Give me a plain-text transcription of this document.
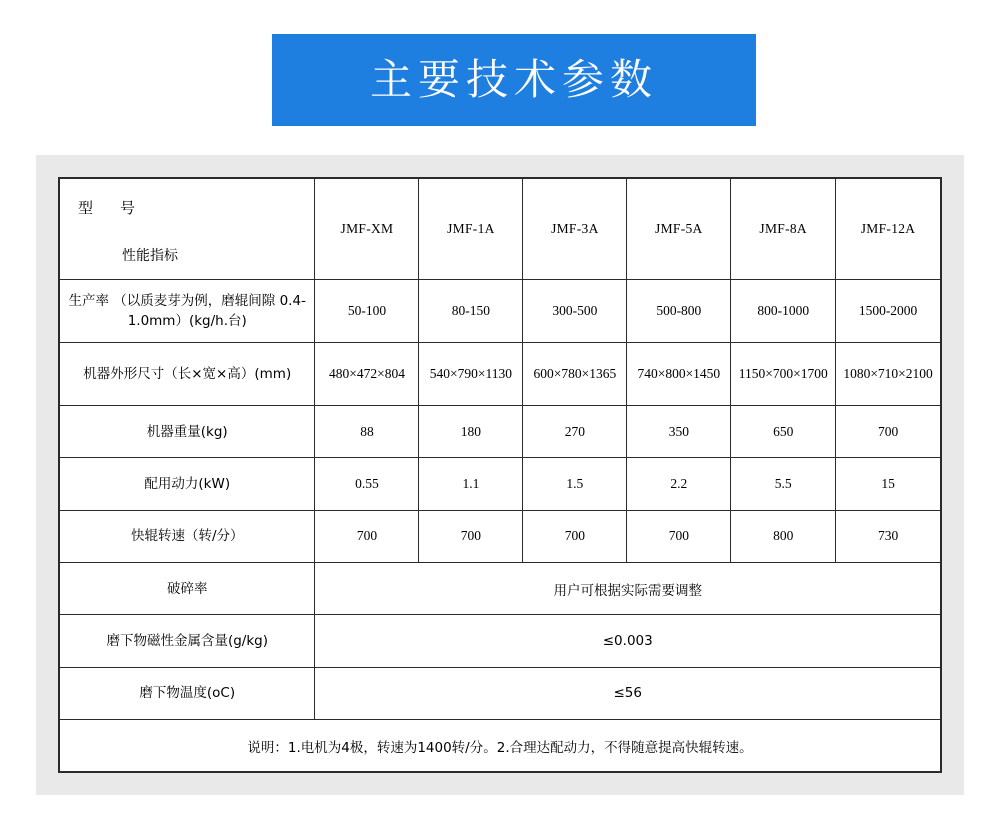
主要技术参数
型　号
性能指标	JMF-XM	JMF-1A	JMF-3A	JMF-5A	JMF-8A	JMF-12A
生产率 （以质麦芽为例，磨辊间隙 0.4-1.0mm）(kg/h.台)	50-100	80-150	300-500	500-800	800-1000	1500-2000
机器外形尺寸（长×宽×高）(mm)	480×472×804	540×790×1130	600×780×1365	740×800×1450	1150×700×1700	1080×710×2100
机器重量(kg)	88	180	270	350	650	700
配用动力(kW)	0.55	1.1	1.5	2.2	5.5	15
快辊转速（转/分）	700	700	700	700	800	730
破碎率	用户可根据实际需要调整					
磨下物磁性金属含量(g/kg)	≤0.003					
磨下物温度(oC)	≤56					
说明：1.电机为4极，转速为1400转/分。2.合理达配动力，不得随意提高快辊转速。						
